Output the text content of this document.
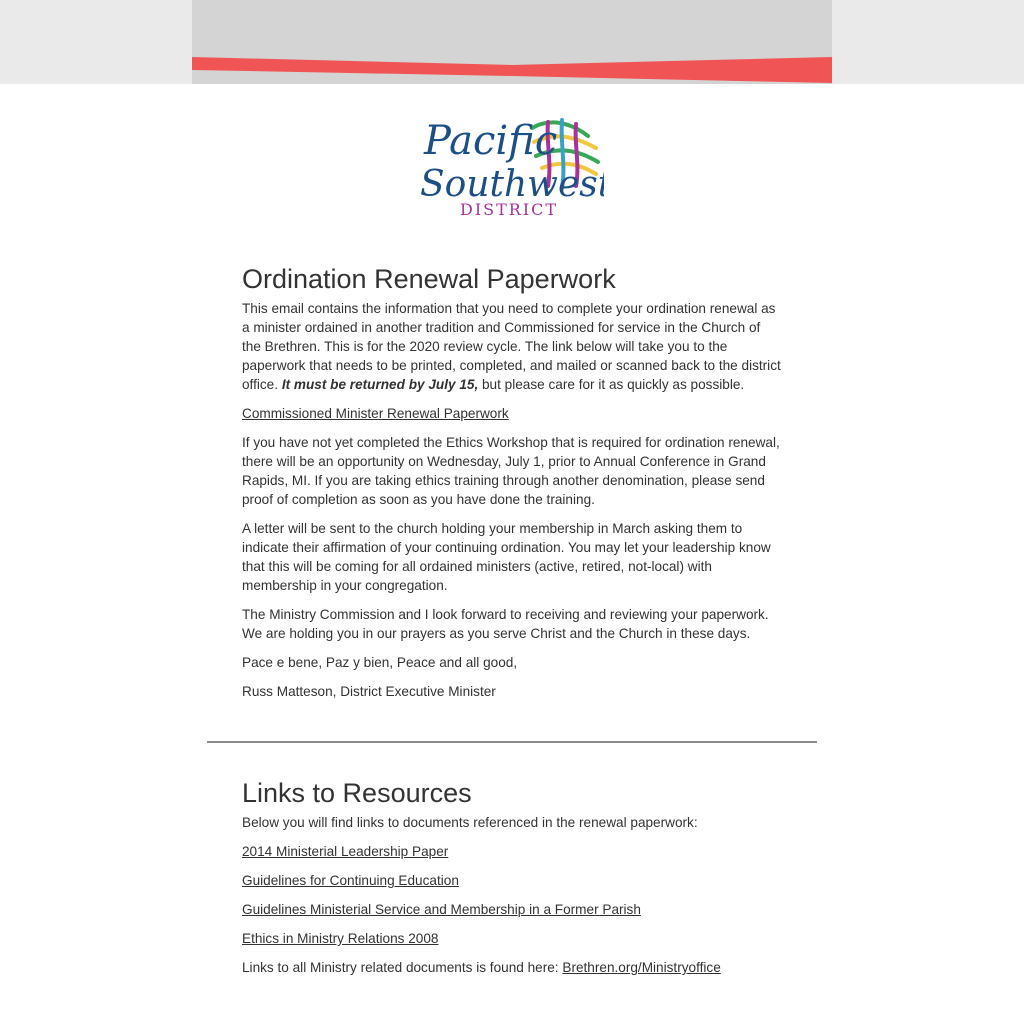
Pacific
Southwest
DISTRICT
Ordination Renewal Paperwork

This email contains the information that you need to complete your ordination renewal as a minister ordained in another tradition and Commissioned for service in the Church of the Brethren. This is for the 2020 review cycle. The link below will take you to the paperwork that needs to be printed, completed, and mailed or scanned back to the district office. It must be returned by July 15, but please care for it as quickly as possible.

Commissioned Minister Renewal Paperwork

If you have not yet completed the Ethics Workshop that is required for ordination renewal, there will be an opportunity on Wednesday, July 1, prior to Annual Conference in Grand Rapids, MI. If you are taking ethics training through another denomination, please send proof of completion as soon as you have done the training.

A letter will be sent to the church holding your membership in March asking them to indicate their affirmation of your continuing ordination. You may let your leadership know that this will be coming for all ordained ministers (active, retired, not-local) with membership in your congregation.

The Ministry Commission and I look forward to receiving and reviewing your paperwork. We are holding you in our prayers as you serve Christ and the Church in these days.

Pace e bene, Paz y bien, Peace and all good,

Russ Matteson, District Executive Minister

Links to Resources

Below you will find links to documents referenced in the renewal paperwork:

2014 Ministerial Leadership Paper

Guidelines for Continuing Education

Guidelines Ministerial Service and Membership in a Former Parish

Ethics in Ministry Relations 2008

Links to all Ministry related documents is found here: Brethren.org/Ministryoffice
